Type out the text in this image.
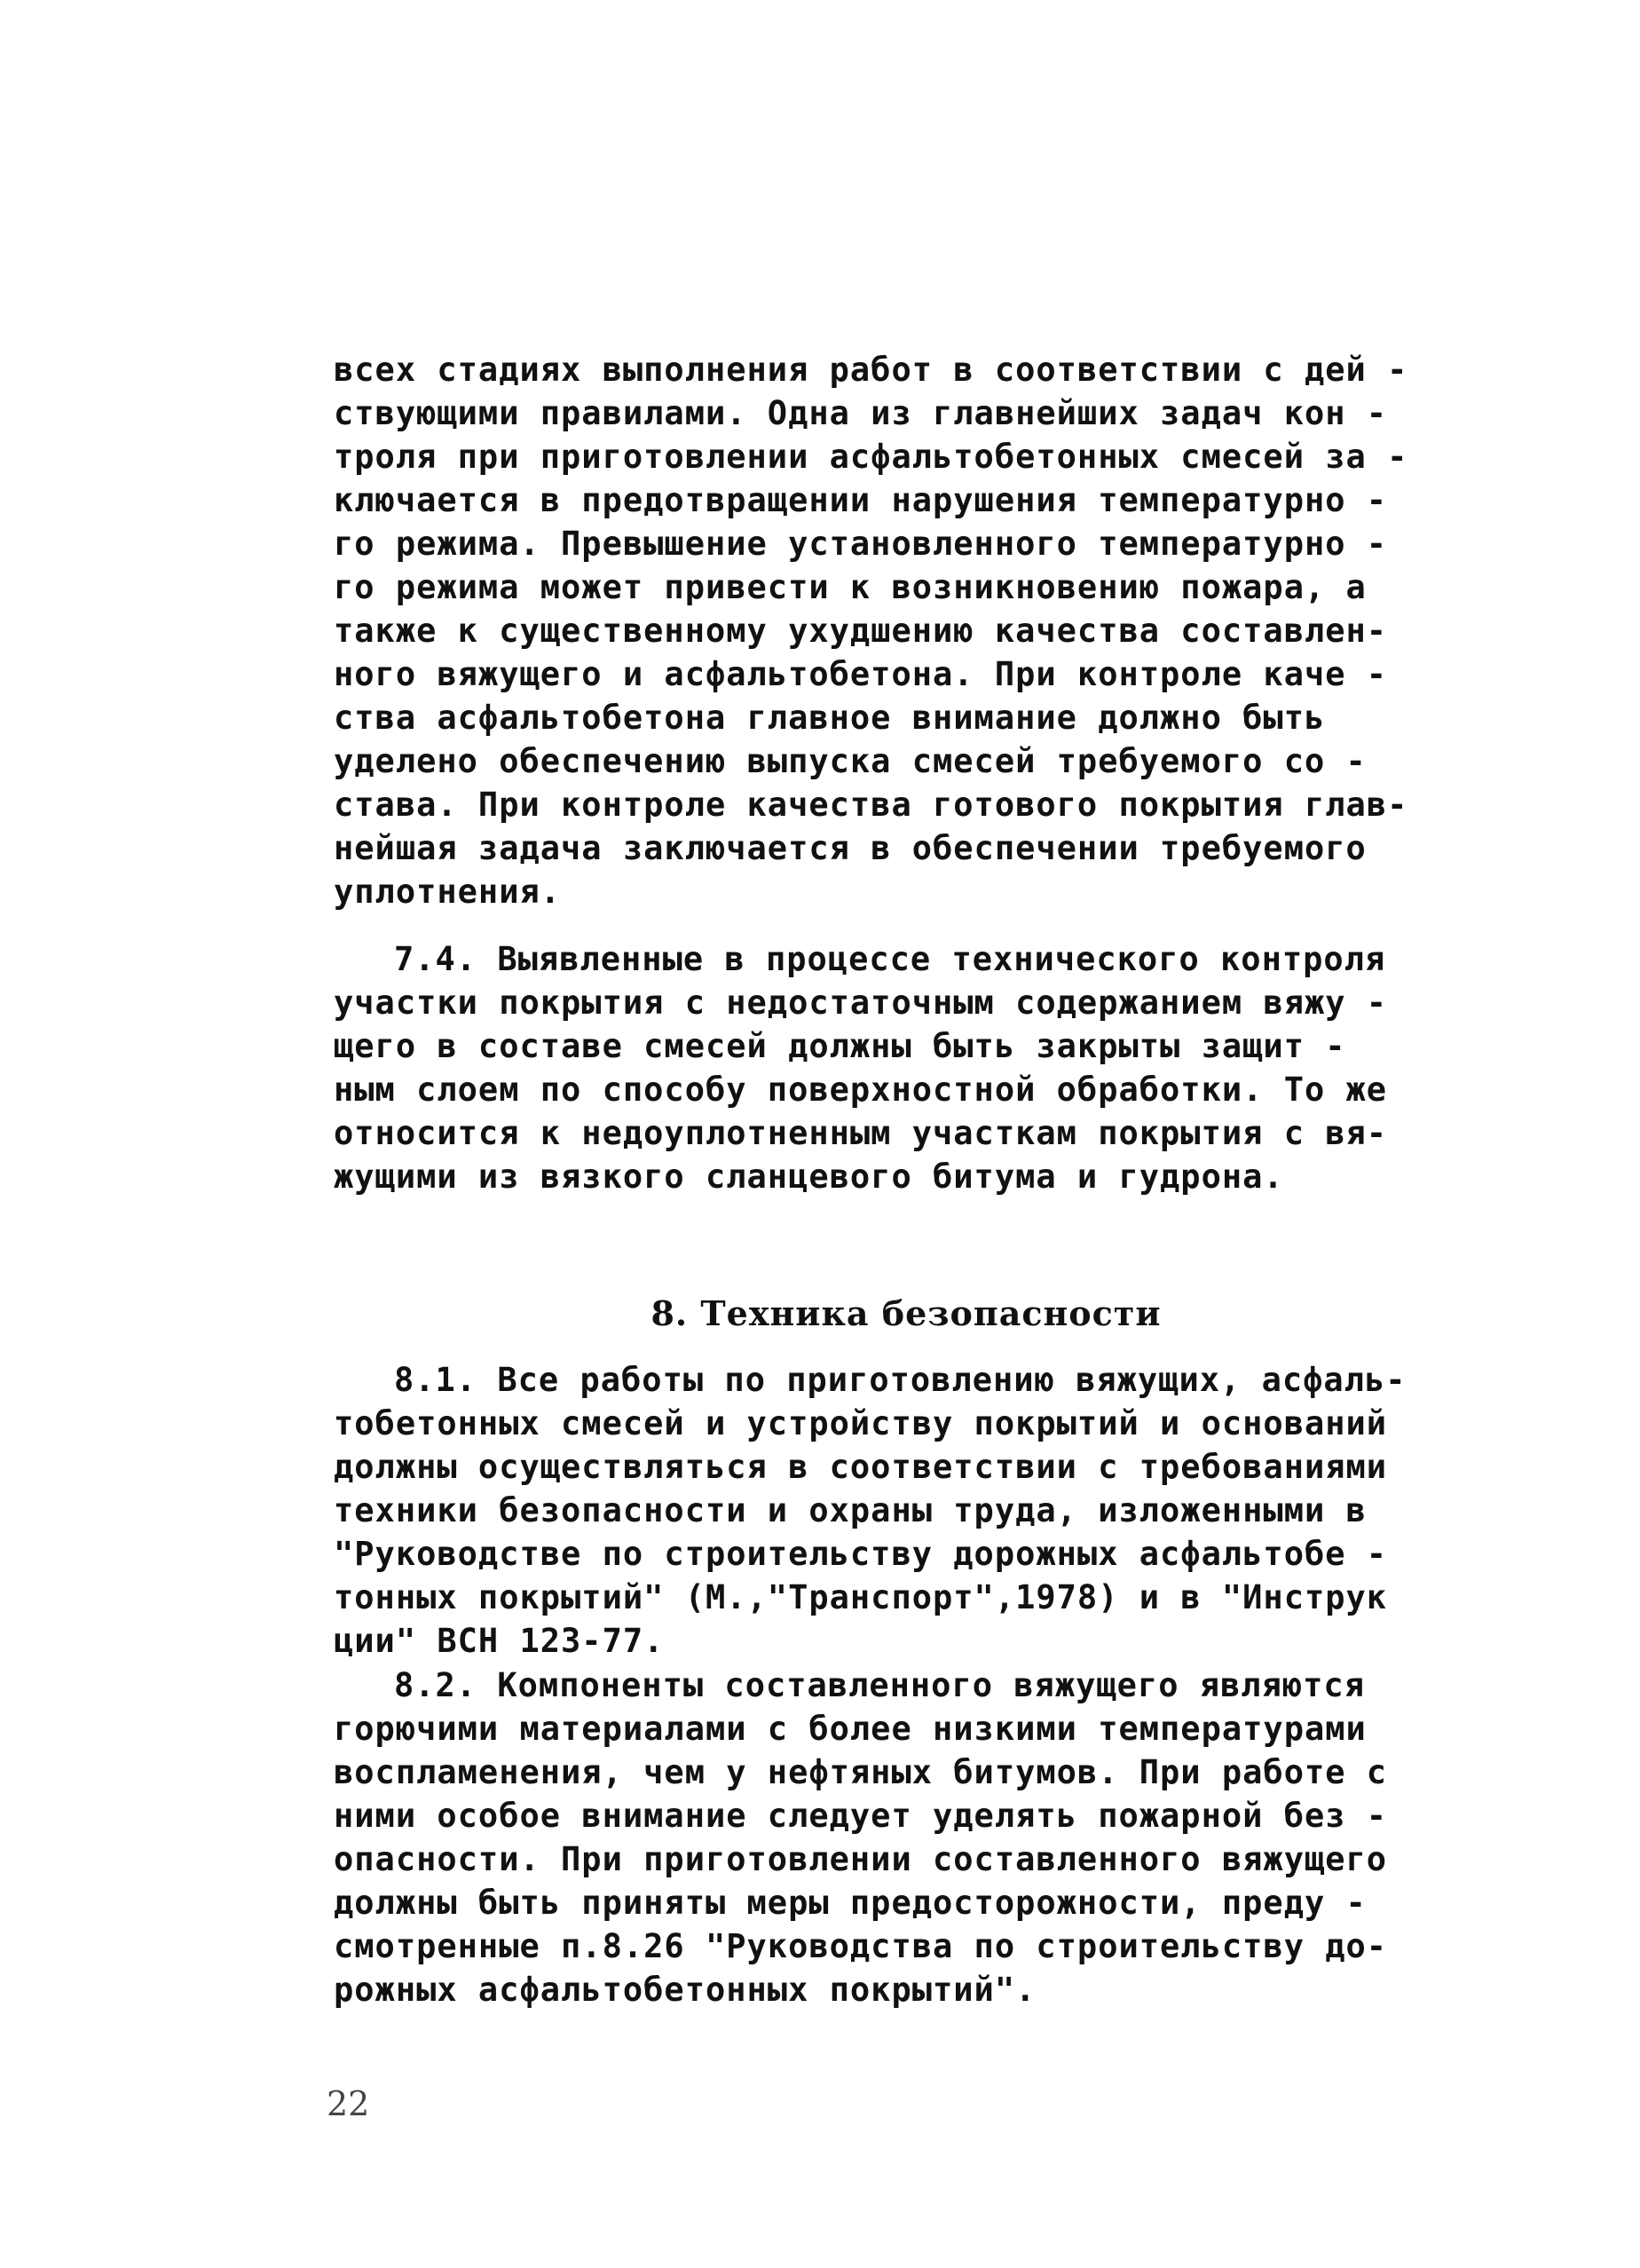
всех стадиях выполнения работ в соответствии с дей -
ствующими правилами. Одна из главнейших задач кон -
троля при приготовлении асфальтобетонных смесей за -
ключается в предотвращении нарушения температурно -
го режима. Превышение установленного температурно -
го режима может привести к возникновению пожара, а
также к существенному ухудшению качества составлен-
ного вяжущего и асфальтобетона. При контроле каче -
ства асфальтобетона главное внимание должно быть
уделено обеспечению выпуска смесей требуемого со -
става. При контроле качества готового покрытия глав-
нейшая задача заключается в обеспечении требуемого
уплотнения.
7.4. Выявленные в процессе технического контроля
участки покрытия с недостаточным содержанием вяжу -
щего в составе смесей должны быть закрыты защит -
ным слоем по способу поверхностной обработки. То же
относится к недоуплотненным участкам покрытия с вя-
жущими из вязкого сланцевого битума и гудрона.
8. Техника безопасности
8.1. Все работы по приготовлению вяжущих, асфаль-
тобетонных смесей и устройству покрытий и оснований
должны осуществляться в соответствии с требованиями
техники безопасности и охраны труда, изложенными в
"Руководстве по строительству дорожных асфальтобе -
тонных покрытий" (М.,"Транспорт",1978) и в "Инструк
ции" ВСН 123-77.
8.2. Компоненты составленного вяжущего являются
горючими материалами с более низкими температурами
воспламенения, чем у нефтяных битумов. При работе с
ними особое внимание следует уделять пожарной без -
опасности. При приготовлении составленного вяжущего
должны быть приняты меры предосторожности, преду -
смотренные п.8.26 "Руководства по строительству до-
рожных асфальтобетонных покрытий".
22
